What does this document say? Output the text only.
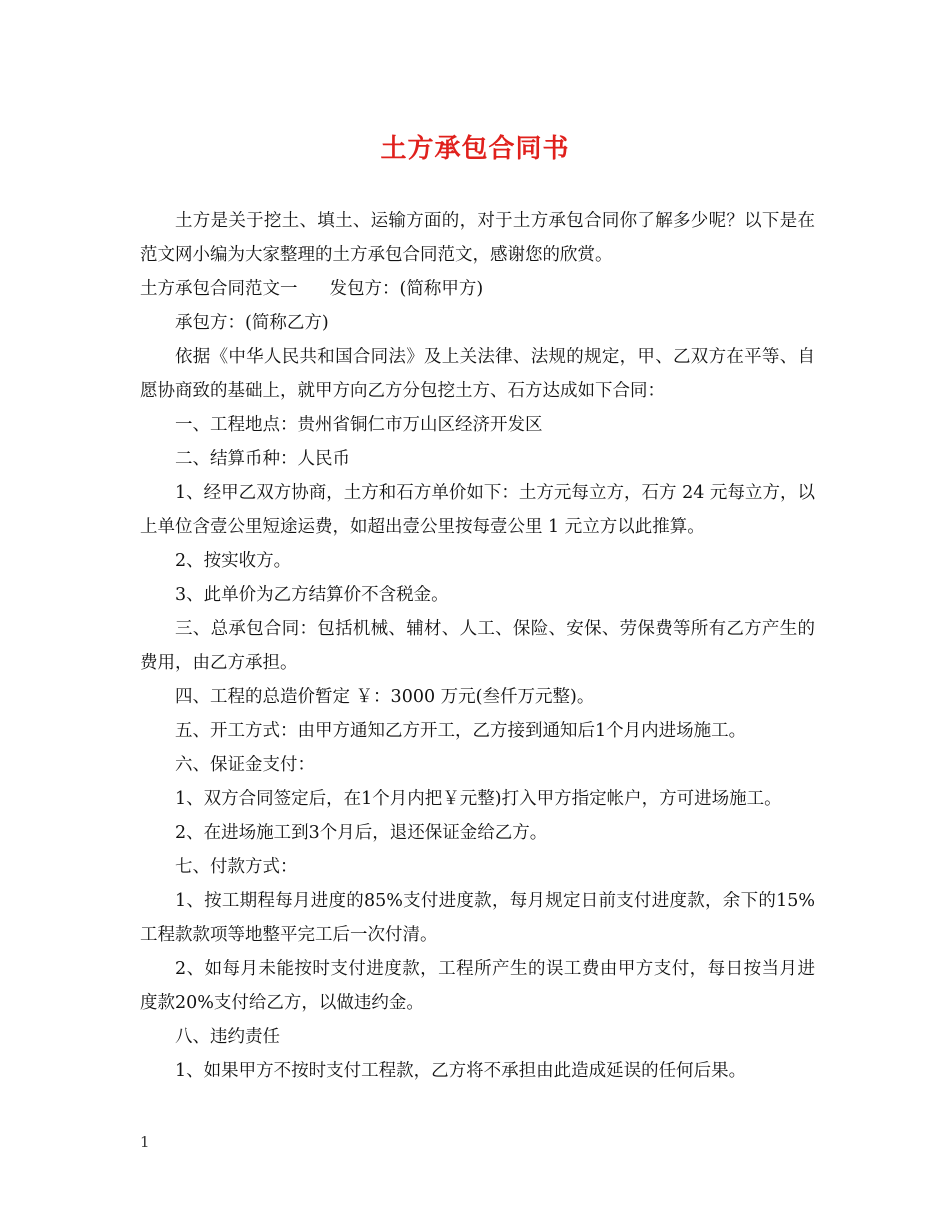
土方承包合同书

土方是关于挖土、填土、运输方面的，对于土方承包合同你了解多少呢？以下是在范文网小编为大家整理的土方承包合同范文，感谢您的欣赏。

土方承包合同范文一 发包方：(简称甲方)

承包方：(简称乙方)

依据《中华人民共和国合同法》及上关法律、法规的规定，甲、乙双方在平等、自愿协商致的基础上，就甲方向乙方分包挖土方、石方达成如下合同：

一、工程地点：贵州省铜仁市万山区经济开发区

二、结算币种：人民币

1、经甲乙双方协商，土方和石方单价如下：土方元每立方，石方 24 元每立方，以上单位含壹公里短途运费，如超出壹公里按每壹公里 1 元立方以此推算。

2、按实收方。

3、此单价为乙方结算价不含税金。

三、总承包合同：包括机械、辅材、人工、保险、安保、劳保费等所有乙方产生的费用，由乙方承担。

四、工程的总造价暂定 ￥：3000 万元(叁仟万元整)。

五、开工方式：由甲方通知乙方开工，乙方接到通知后1个月内进场施工。

六、保证金支付：

1、双方合同签定后，在1个月内把￥元整)打入甲方指定帐户，方可进场施工。

2、在进场施工到3个月后，退还保证金给乙方。

七、付款方式：

1、按工期程每月进度的85%支付进度款，每月规定日前支付进度款，余下的15%工程款款项等地整平完工后一次付清。

2、如每月未能按时支付进度款，工程所产生的误工费由甲方支付，每日按当月进度款20%支付给乙方，以做违约金。

八、违约责任

1、如果甲方不按时支付工程款，乙方将不承担由此造成延误的任何后果。

1
